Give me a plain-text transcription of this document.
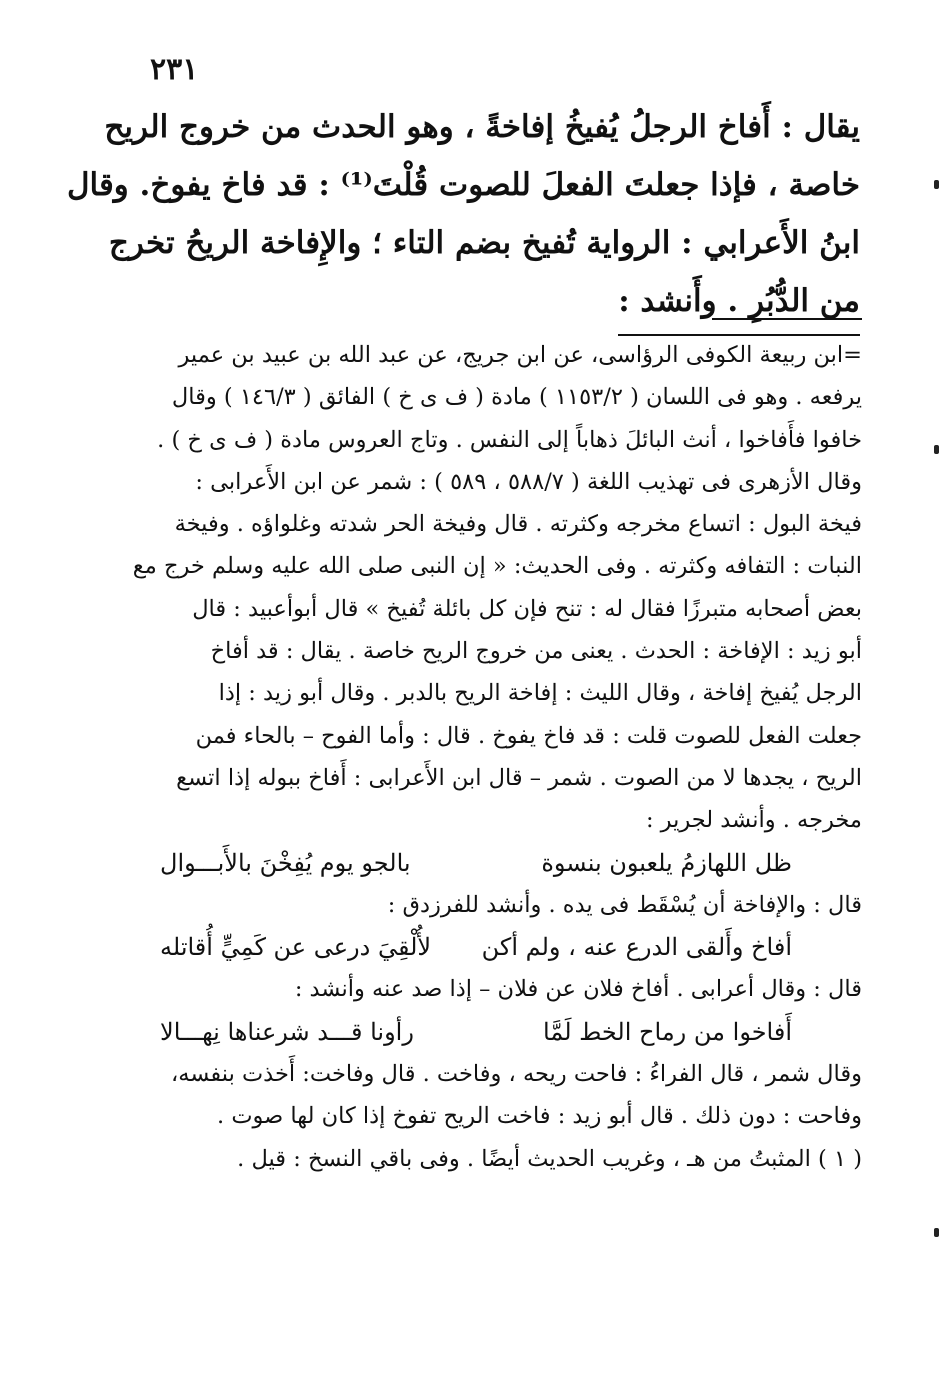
٢٣١
يقال : أَفاخ الرجلُ يُفيخُ إفاخةً ، وهو الحدث من خروج الريح
خاصة ، فإذا جعلتَ الفعلَ للصوت قُلْتَ⁽¹⁾ : قد فاخ يفوخ. وقال
ابنُ الأَعرابي : الرواية تُفيخ بضم التاء ؛ والإِفاخة الريحُ تخرج
من الدُّبُرِ . وأَنشد :
=ابن ربيعة الكوفى الرؤاسى، عن ابن جريج، عن عبد الله بن عبيد بن عمير
يرفعه . وهو فى اللسان ( ١١٥٣/٢ ) مادة ( ف ى خ ) الفائق ( ١٤٦/٣ ) وقال
خافوا فأَفاخوا ، أنث البائلَ ذهاباً إلى النفس . وتاج العروس مادة ( ف ى خ ) .
وقال الأزهرى فى تهذيب اللغة ( ٥٨٨/٧ ، ٥٨٩ ) : شمر عن ابن الأَعرابى :
فيخة البول : اتساع مخرجه وكثرته . قال وفيخة الحر شدته وغلواؤه . وفيخة
النبات : التفافه وكثرته . وفى الحديث: « إن النبى صلى الله عليه وسلم خرج مع
بعض أصحابه متبرزًا فقال له : تنح فإن كل بائلة تُفيخ » قال أبوأعبيد : قال
أبو زيد : الإفاخة : الحدث . يعنى من خروج الريح خاصة . يقال : قد أفاخ
الرجل يُفيخ إفاخة ، وقال الليث : إفاخة الريح بالدبر . وقال أبو زيد : إذا
جعلت الفعل للصوت قلت : قد فاخ يفوخ . قال : وأما الفوح – بالحاء فمن
الريح ، يجدها لا من الصوت . شمر – قال ابن الأَعرابى : أَفاخ ببوله إذا اتسع
مخرجه . وأنشد لجرير :
ظل اللهازمُ يلعبون بنسوة
بالجو يوم يُفِخْنَ بالأَبـــوال
قال : والإفاخة أن يُسْقَط فى يده . وأنشد للفرزدق :
أفاخ وأَلقى الدرع عنه ، ولم أكن
لأُلْقِيَ درعى عن كَمِيٍّ أُقاتله
قال : وقال أعرابى . أفاخ فلان عن فلان – إذا صد عنه وأنشد :
أَفاخوا من رماح الخط لَمَّا
رأونا قـــد شرعناها نِهـــالا
وقال شمر ، قال الفراءُ : فاحت ريحه ، وفاخت . قال وفاخت: أَخذت بنفسه،
وفاحت : دون ذلك . قال أبو زيد : فاخت الريح تفوخ إذا كان لها صوت .
( ١ ) المثبتُ من هـ ، وغريب الحديث أيضًا . وفى باقي النسخ : قيل .
